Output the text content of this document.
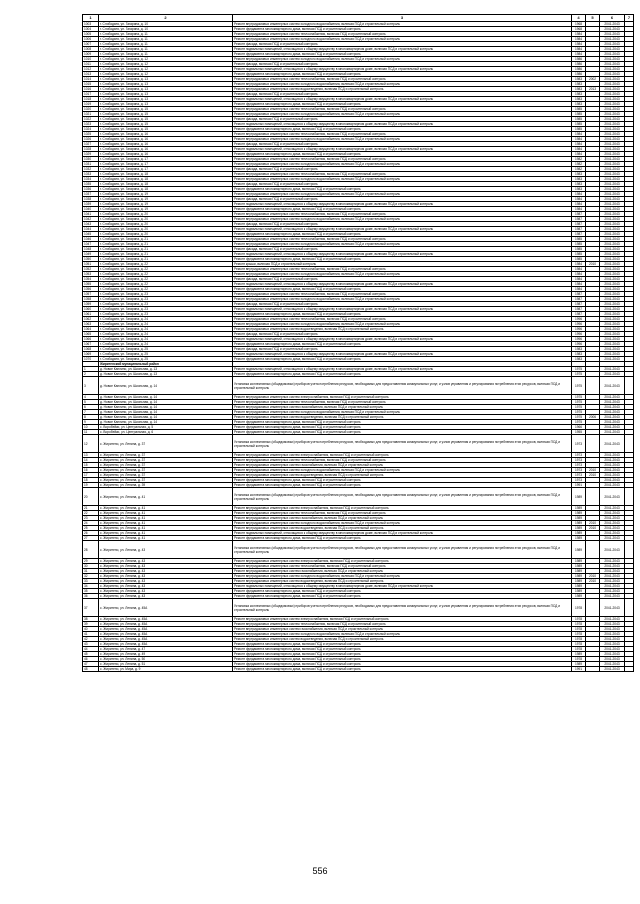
1	2	3	4	5	6	7
1003	г. Слободзея, ул. Гагарина, д. 10	Ремонт внутридомовых инженерных систем холодного водоснабжения, включая ПСД и строительный контроль	1968		2041-2043	
1004	г. Слободзея, ул. Гагарина, д. 10	Ремонт фундамента многоквартирного дома, включая ПСД и строительный контроль	1968		2041-2043	
1005	г. Слободзея, ул. Гагарина, д. 11	Ремонт внутридомовых инженерных систем теплоснабжения, включая ПСД и строительный контроль	1984		2041-2043	
1006	г. Слободзея, ул. Гагарина, д. 11	Ремонт внутридомовых инженерных систем холодного водоснабжения, включая ПСД и строительный контроль	1984		2041-2043	
1007	г. Слободзея, ул. Гагарина, д. 11	Ремонт фасада, включая ПСД и строительный контроль	1984		2041-2043	
1008	г. Слободзея, ул. Гагарина, д. 11	Ремонт подвальных помещений, относящихся к общему имуществу в многоквартирном доме, включая ПСД и строительный контроль	1984		2041-2043	
1009	г. Слободзея, ул. Гагарина, д. 11	Ремонт фундамента многоквартирного дома, включая ПСД и строительный контроль	1984		2041-2043	
1010	г. Слободзея, ул. Гагарина, д. 12	Ремонт внутридомовых инженерных систем холодного водоснабжения, включая ПСД и строительный контроль	1986		2041-2043	
1011	г. Слободзея, ул. Гагарина, д. 12	Ремонт фасада, включая ПСД и строительный контроль	1986		2041-2043	
1012	г. Слободзея, ул. Гагарина, д. 12	Ремонт подвальных помещений, относящихся к общему имуществу в многоквартирном доме, включая ПСД и строительный контроль	1986		2041-2043	
1013	г. Слободзея, ул. Гагарина, д. 12	Ремонт фундамента многоквартирного дома, включая ПСД и строительный контроль	1986		2041-2043	
1014	г. Слободзея, ул. Гагарина, д. 13	Ремонт внутридомовых инженерных систем теплоснабжения, включая ПСД и строительный контроль	1983	2002	2041-2043	
1015	г. Слободзея, ул. Гагарина, д. 13	Ремонт внутридомовых инженерных систем холодного водоснабжения, включая ПСД и строительный контроль	1983		2041-2043	
1016	г. Слободзея, ул. Гагарина, д. 13	Ремонт внутридомовых инженерных систем водоотведения, включая ПСД и строительный контроль	1983	2013	2041-2043	
1017	г. Слободзея, ул. Гагарина, д. 13	Ремонт фасада, включая ПСД и строительный контроль	1983		2041-2043	
1018	г. Слободзея, ул. Гагарина, д. 13	Ремонт подвальных помещений, относящихся к общему имуществу в многоквартирном доме, включая ПСД и строительный контроль	1983		2041-2043	
1019	г. Слободзея, ул. Гагарина, д. 13	Ремонт фундамента многоквартирного дома, включая ПСД и строительный контроль	1983		2041-2043	
1020	г. Слободзея, ул. Гагарина, д. 15	Ремонт внутридомовых инженерных систем теплоснабжения, включая ПСД и строительный контроль	1985		2041-2043	
1021	г. Слободзея, ул. Гагарина, д. 15	Ремонт внутридомовых инженерных систем холодного водоснабжения, включая ПСД и строительный контроль	1985		2041-2043	
1022	г. Слободзея, ул. Гагарина, д. 15	Ремонт фасада, включая ПСД и строительный контроль	1985		2041-2043	
1023	г. Слободзея, ул. Гагарина, д. 15	Ремонт подвальных помещений, относящихся к общему имуществу в многоквартирном доме, включая ПСД и строительный контроль	1985		2041-2043	
1024	г. Слободзея, ул. Гагарина, д. 15	Ремонт фундамента многоквартирного дома, включая ПСД и строительный контроль	1985		2041-2043	
1025	г. Слободзея, ул. Гагарина, д. 16	Ремонт внутридомовых инженерных систем теплоснабжения, включая ПСД и строительный контроль	1984		2041-2043	
1026	г. Слободзея, ул. Гагарина, д. 16	Ремонт внутридомовых инженерных систем холодного водоснабжения, включая ПСД и строительный контроль	1984		2041-2043	
1027	г. Слободзея, ул. Гагарина, д. 16	Ремонт фасада, включая ПСД и строительный контроль	1984		2041-2043	
1028	г. Слободзея, ул. Гагарина, д. 16	Ремонт подвальных помещений, относящихся к общему имуществу в многоквартирном доме, включая ПСД и строительный контроль	1984		2041-2043	
1029	г. Слободзея, ул. Гагарина, д. 16	Ремонт фундамента многоквартирного дома, включая ПСД и строительный контроль	1984		2041-2043	
1030	г. Слободзея, ул. Гагарина, д. 17	Ремонт внутридомовых инженерных систем теплоснабжения, включая ПСД и строительный контроль	1982		2041-2043	
1031	г. Слободзея, ул. Гагарина, д. 17	Ремонт внутридомовых инженерных систем холодного водоснабжения, включая ПСД и строительный контроль	1982		2041-2043	
1032	г. Слободзея, ул. Гагарина, д. 17	Ремонт фасада, включая ПСД и строительный контроль	1982		2041-2043	
1033	г. Слободзея, ул. Гагарина, д. 18	Ремонт внутридомовых инженерных систем теплоснабжения, включая ПСД и строительный контроль	1983		2041-2043	
1034	г. Слободзея, ул. Гагарина, д. 18	Ремонт внутридомовых инженерных систем холодного водоснабжения, включая ПСД и строительный контроль	1983		2041-2043	
1035	г. Слободзея, ул. Гагарина, д. 18	Ремонт фасада, включая ПСД и строительный контроль	1983		2041-2043	
1036	г. Слободзея, ул. Гагарина, д. 18	Ремонт фундамента многоквартирного дома, включая ПСД и строительный контроль	1983		2041-2043	
1037	г. Слободзея, ул. Гагарина, д. 19	Ремонт внутридомовых инженерных систем холодного водоснабжения, включая ПСД и строительный контроль	1984		2041-2043	
1038	г. Слободзея, ул. Гагарина, д. 19	Ремонт фасада, включая ПСД и строительный контроль	1984		2041-2043	
1039	г. Слободзея, ул. Гагарина, д. 19	Ремонт подвальных помещений, относящихся к общему имуществу в многоквартирном доме, включая ПСД и строительный контроль	1984		2041-2043	
1040	г. Слободзея, ул. Гагарина, д. 19	Ремонт фундамента многоквартирного дома, включая ПСД и строительный контроль	1984		2041-2043	
1041	г. Слободзея, ул. Гагарина, д. 20	Ремонт внутридомовых инженерных систем теплоснабжения, включая ПСД и строительный контроль	1987		2041-2043	
1042	г. Слободзея, ул. Гагарина, д. 20	Ремонт внутридомовых инженерных систем холодного водоснабжения, включая ПСД и строительный контроль	1987		2041-2043	
1043	г. Слободзея, ул. Гагарина, д. 20	Ремонт фасада, включая ПСД и строительный контроль	1987		2041-2043	
1044	г. Слободзея, ул. Гагарина, д. 20	Ремонт подвальных помещений, относящихся к общему имуществу в многоквартирном доме, включая ПСД и строительный контроль	1987		2041-2043	
1045	г. Слободзея, ул. Гагарина, д. 20	Ремонт фундамента многоквартирного дома, включая ПСД и строительный контроль	1987		2041-2043	
1046	г. Слободзея, ул. Гагарина, д. 21	Ремонт внутридомовых инженерных систем теплоснабжения, включая ПСД и строительный контроль	1985		2041-2043	
1047	г. Слободзея, ул. Гагарина, д. 21	Ремонт внутридомовых инженерных систем холодного водоснабжения, включая ПСД и строительный контроль	1985		2041-2043	
1048	г. Слободзея, ул. Гагарина, д. 21	Ремонт фасада, включая ПСД и строительный контроль	1985		2041-2043	
1049	г. Слободзея, ул. Гагарина, д. 21	Ремонт подвальных помещений, относящихся к общему имуществу в многоквартирном доме, включая ПСД и строительный контроль	1985		2041-2043	
1050	г. Слободзея, ул. Гагарина, д. 21	Ремонт фундамента многоквартирного дома, включая ПСД и строительный контроль	1985		2041-2043	
1051	г. Слободзея, ул. Гагарина, д. 22	Ремонт крыши, включая ПСД и строительный контроль	1984	2010	2041-2043	
1052	г. Слободзея, ул. Гагарина, д. 22	Ремонт внутридомовых инженерных систем теплоснабжения, включая ПСД и строительный контроль	1984		2041-2043	
1053	г. Слободзея, ул. Гагарина, д. 22	Ремонт внутридомовых инженерных систем холодного водоснабжения, включая ПСД и строительный контроль	1984		2041-2043	
1054	г. Слободзея, ул. Гагарина, д. 22	Ремонт фасада, включая ПСД и строительный контроль	1984		2041-2043	
1055	г. Слободзея, ул. Гагарина, д. 22	Ремонт подвальных помещений, относящихся к общему имуществу в многоквартирном доме, включая ПСД и строительный контроль	1984		2041-2043	
1056	г. Слободзея, ул. Гагарина, д. 22	Ремонт фундамента многоквартирного дома, включая ПСД и строительный контроль	1984		2041-2043	
1057	г. Слободзея, ул. Гагарина, д. 23	Ремонт внутридомовых инженерных систем теплоснабжения, включая ПСД и строительный контроль	1987		2041-2043	
1058	г. Слободзея, ул. Гагарина, д. 23	Ремонт внутридомовых инженерных систем холодного водоснабжения, включая ПСД и строительный контроль	1987		2041-2043	
1059	г. Слободзея, ул. Гагарина, д. 23	Ремонт фасада, включая ПСД и строительный контроль	1987		2041-2043	
1060	г. Слободзея, ул. Гагарина, д. 23	Ремонт подвальных помещений, относящихся к общему имуществу в многоквартирном доме, включая ПСД и строительный контроль	1987		2041-2043	
1061	г. Слободзея, ул. Гагарина, д. 23	Ремонт фундамента многоквартирного дома, включая ПСД и строительный контроль	1987		2041-2043	
1062	г. Слободзея, ул. Гагарина, д. 24	Ремонт внутридомовых инженерных систем теплоснабжения, включая ПСД и строительный контроль	1996		2041-2043	
1063	г. Слободзея, ул. Гагарина, д. 24	Ремонт внутридомовых инженерных систем холодного водоснабжения, включая ПСД и строительный контроль	1996		2041-2043	
1064	г. Слободзея, ул. Гагарина, д. 24	Ремонт внутридомовых инженерных систем водоотведения, включая ПСД и строительный контроль	1996		2041-2043	
1065	г. Слободзея, ул. Гагарина, д. 24	Ремонт фасада, включая ПСД и строительный контроль	1996		2041-2043	
1066	г. Слободзея, ул. Гагарина, д. 24	Ремонт подвальных помещений, относящихся к общему имуществу в многоквартирном доме, включая ПСД и строительный контроль	1996		2041-2043	
1067	г. Слободзея, ул. Гагарина, д. 24	Ремонт фундамента многоквартирного дома, включая ПСД и строительный контроль	1996		2041-2043	
1068	г. Слободзея, ул. Гагарина, д. 25	Ремонт фасада, включая ПСД и строительный контроль	1983		2041-2043	
1069	г. Слободзея, ул. Гагарина, д. 25	Ремонт подвальных помещений, относящихся к общему имуществу в многоквартирном доме, включая ПСД и строительный контроль	1983		2041-2043	
1070	г. Слободзея, ул. Гагарина, д. 25	Ремонт фундамента многоквартирного дома, включая ПСД и строительный контроль	1983		2041-2043	
	Жиритенский муниципальный район					
1	д. Новое Каплино, ул. Школьная, д. 13	Ремонт подвальных помещений, относящихся к общему имуществу в многоквартирном доме, включая ПСД и строительный контроль	1975		2041-2043	
2	д. Новое Каплино, ул. Школьная, д. 13	Ремонт фундамента многоквартирного дома, включая ПСД и строительный контроль	1975		2041-2043	
3	д. Новое Каплино, ул. Школьная, д. 14	Установка коллективных (общедомовых) приборов учета потребления ресурсов, необходимых для предоставления коммунальных услуг, и узлов управления и регулирования потребления этих ресурсов, включая ПСД и строительный контроль	1975		2041-2043	
4	д. Новое Каплино, ул. Школьная, д. 14	Ремонт внутридомовых инженерных систем электроснабжения, включая ПСД и строительный контроль	1975		2041-2043	
5	д. Новое Каплино, ул. Школьная, д. 14	Ремонт внутридомовых инженерных систем теплоснабжения, включая ПСД и строительный контроль	1975		2041-2043	
6	д. Новое Каплино, ул. Школьная, д. 14	Ремонт внутридомовых инженерных систем газоснабжения, включая ПСД и строительный контроль	1975		2041-2043	
7	д. Новое Каплино, ул. Школьная, д. 14	Ремонт внутридомовых инженерных систем холодного водоснабжения, включая ПСД и строительный контроль	1975		2041-2043	
8	д. Новое Каплино, ул. Школьная, д. 14	Ремонт внутридомовых инженерных систем водоотведения, включая ПСД и строительный контроль	1975	2006	2041-2043	
9	д. Новое Каплино, ул. Школьная, д. 14	Ремонт фундамента многоквартирного дома, включая ПСД и строительный контроль	1975		2041-2043	
10	с. Воробейки, ул. Центральная, д. 5	Ремонт фундамента многоквартирного дома, включая ПСД и строительный контроль	1966		2041-2043	
11	с. Воробейки, ул. Центральная, д. 6	Ремонт фундамента многоквартирного дома, включая ПСД и строительный контроль	1955		2041-2043	
12	с. Жиритено, ул. Ленина, д. 37	Установка коллективных (общедомовых) приборов учета потребления ресурсов, необходимых для предоставления коммунальных услуг, и узлов управления и регулирования потребления этих ресурсов, включая ПСД и строительный контроль	1973		2041-2043	
13	с. Жиритено, ул. Ленина, д. 37	Ремонт внутридомовых инженерных систем электроснабжения, включая ПСД и строительный контроль	1973		2041-2043	
14	с. Жиритено, ул. Ленина, д. 37	Ремонт внутридомовых инженерных систем теплоснабжения, включая ПСД и строительный контроль	1973		2041-2043	
15	с. Жиритено, ул. Ленина, д. 37	Ремонт внутридомовых инженерных систем газоснабжения, включая ПСД и строительный контроль	1973		2041-2043	
16	с. Жиритено, ул. Ленина, д. 37	Ремонт внутридомовых инженерных систем холодного водоснабжения, включая ПСД и строительный контроль	1973	2010	2041-2043	
17	с. Жиритено, ул. Ленина, д. 37	Ремонт внутридомовых инженерных систем водоотведения, включая ПСД и строительный контроль	1973	2010	2041-2043	
18	с. Жиритено, ул. Ленина, д. 37	Ремонт фундамента многоквартирного дома, включая ПСД и строительный контроль	1973		2041-2043	
19	с. Жиритено, ул. Ленина, д. 39	Ремонт фундамента многоквартирного дома, включая ПСД и строительный контроль	1991		2041-2043	
20	с. Жиритено, ул. Ленина, д. 41	Установка коллективных (общедомовых) приборов учета потребления ресурсов, необходимых для предоставления коммунальных услуг, и узлов управления и регулирования потребления этих ресурсов, включая ПСД и строительный контроль	1989		2041-2043	
21	с. Жиритено, ул. Ленина, д. 41	Ремонт внутридомовых инженерных систем электроснабжения, включая ПСД и строительный контроль	1989		2041-2043	
22	с. Жиритено, ул. Ленина, д. 41	Ремонт внутридомовых инженерных систем теплоснабжения, включая ПСД и строительный контроль	1989		2041-2043	
23	с. Жиритено, ул. Ленина, д. 41	Ремонт внутридомовых инженерных систем газоснабжения, включая ПСД и строительный контроль	1989		2041-2043	
24	с. Жиритено, ул. Ленина, д. 41	Ремонт внутридомовых инженерных систем холодного водоснабжения, включая ПСД и строительный контроль	1989	2010	2041-2043	
25	с. Жиритено, ул. Ленина, д. 41	Ремонт внутридомовых инженерных систем водоотведения, включая ПСД и строительный контроль	1989	2010	2041-2043	
26	с. Жиритено, ул. Ленина, д. 41	Ремонт подвальных помещений, относящихся к общему имуществу в многоквартирном доме, включая ПСД и строительный контроль	1989		2041-2043	
27	с. Жиритено, ул. Ленина, д. 41	Ремонт фундамента многоквартирного дома, включая ПСД и строительный контроль	1989		2041-2043	
28	с. Жиритено, ул. Ленина, д. 43	Установка коллективных (общедомовых) приборов учета потребления ресурсов, необходимых для предоставления коммунальных услуг, и узлов управления и регулирования потребления этих ресурсов, включая ПСД и строительный контроль	1989		2041-2043	
29	с. Жиритено, ул. Ленина, д. 43	Ремонт внутридомовых инженерных систем электроснабжения, включая ПСД и строительный контроль	1989		2041-2043	
30	с. Жиритено, ул. Ленина, д. 43	Ремонт внутридомовых инженерных систем теплоснабжения, включая ПСД и строительный контроль	1989		2041-2043	
31	с. Жиритено, ул. Ленина, д. 43	Ремонт внутридомовых инженерных систем газоснабжения, включая ПСД и строительный контроль	1989		2041-2043	
32	с. Жиритено, ул. Ленина, д. 43	Ремонт внутридомовых инженерных систем холодного водоснабжения, включая ПСД и строительный контроль	1989	2010	2041-2043	
33	с. Жиритено, ул. Ленина, д. 43	Ремонт внутридомовых инженерных систем водоотведения, включая ПСД и строительный контроль	1989	2010	2041-2043	
34	с. Жиритено, ул. Ленина, д. 43	Ремонт подвальных помещений, относящихся к общему имуществу в многоквартирном доме, включая ПСД и строительный контроль	1989		2041-2043	
35	с. Жиритено, ул. Ленина, д. 43	Ремонт фундамента многоквартирного дома, включая ПСД и строительный контроль	1989		2041-2043	
36	с. Жиритено, ул. Ленина, д. 43	Ремонт фундамента многоквартирного дома, включая ПСД и строительный контроль	1989		2041-2043	
37	с. Жиритено, ул. Ленина, д. 45А	Установка коллективных (общедомовых) приборов учета потребления ресурсов, необходимых для предоставления коммунальных услуг, и узлов управления и регулирования потребления этих ресурсов, включая ПСД и строительный контроль	1978		2041-2043	
38	с. Жиритено, ул. Ленина, д. 45А	Ремонт внутридомовых инженерных систем электроснабжения, включая ПСД и строительный контроль	1978		2041-2043	
39	с. Жиритено, ул. Ленина, д. 45А	Ремонт внутридомовых инженерных систем теплоснабжения, включая ПСД и строительный контроль	1978		2041-2043	
40	с. Жиритено, ул. Ленина, д. 45А	Ремонт внутридомовых инженерных систем газоснабжения, включая ПСД и строительный контроль	1978		2041-2043	
41	с. Жиритено, ул. Ленина, д. 45А	Ремонт внутридомовых инженерных систем холодного водоснабжения, включая ПСД и строительный контроль	1978		2041-2043	
42	с. Жиритено, ул. Ленина, д. 45А	Ремонт внутридомовых инженерных систем водоотведения, включая ПСД и строительный контроль	1978		2041-2043	
43	с. Жиритено, ул. Ленина, д. 45А	Ремонт фундамента многоквартирного дома, включая ПСД и строительный контроль	1978		2041-2043	
44	с. Жиритено, ул. Ленина, д. 47	Ремонт фундамента многоквартирного дома, включая ПСД и строительный контроль	1978		2041-2043	
45	с. Жиритено, ул. Ленина, д. 49	Ремонт фундамента многоквартирного дома, включая ПСД и строительный контроль	1989		2041-2043	
46	с. Жиритено, ул. Ленина, д. 50	Ремонт фундамента многоквартирного дома, включая ПСД и строительный контроль	1978		2041-2043	
47	с. Жиритено, ул. Ленина, д. 51	Ремонт фундамента многоквартирного дома, включая ПСД и строительный контроль	1989		2041-2043	
48	с. Жиритено, ул. Мира, д. 9	Ремонт фундамента многоквартирного дома, включая ПСД и строительный контроль	1991		2041-2043	
556
